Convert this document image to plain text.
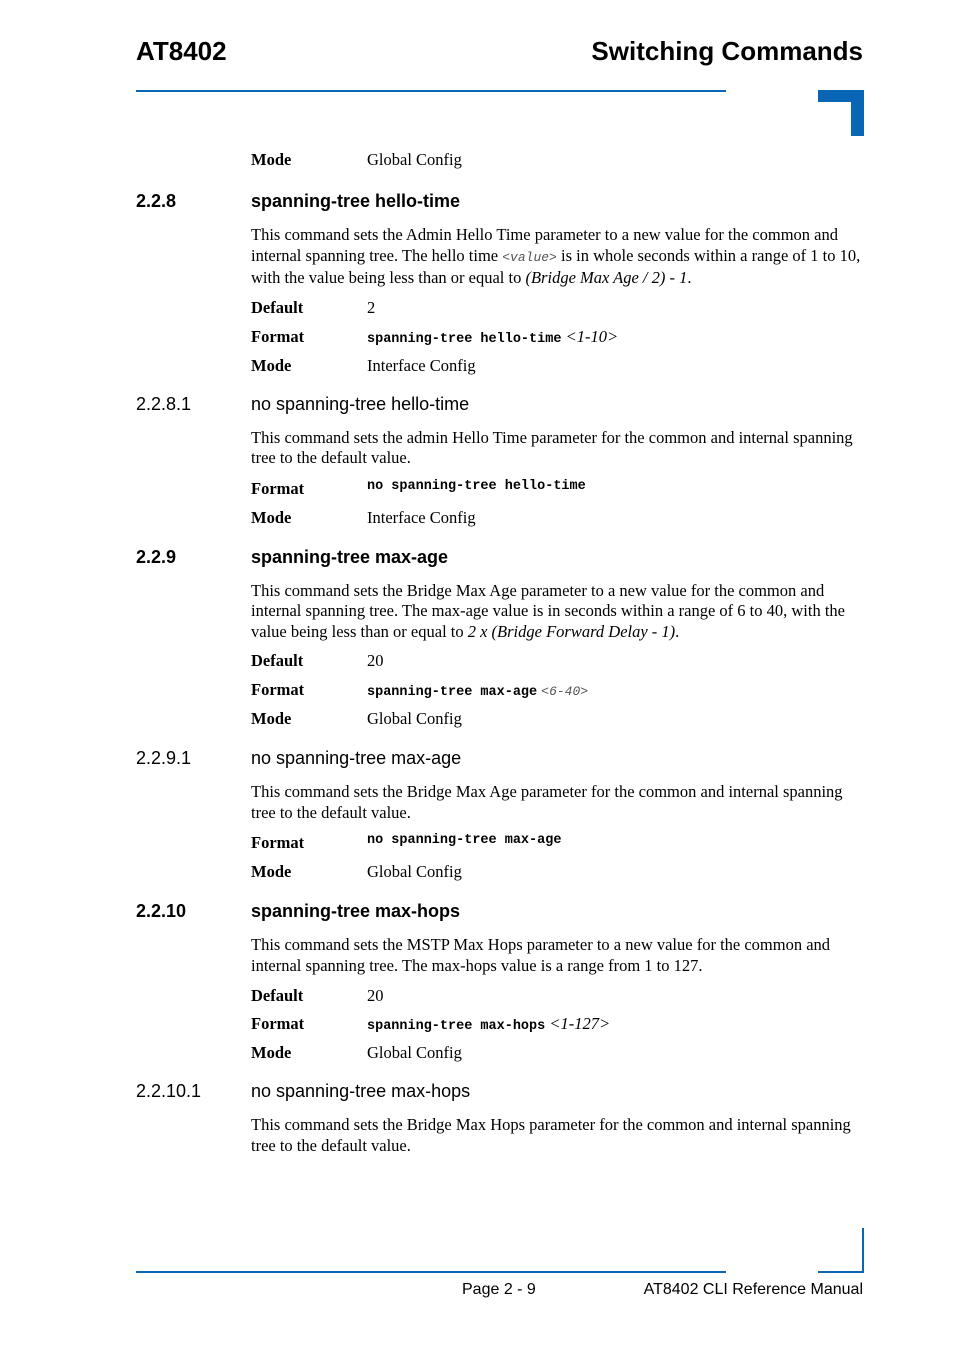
AT8402	Switching Commands
Mode	Global Config
2.2.8	spanning-tree hello-time
This command sets the Admin Hello Time parameter to a new value for the common and internal spanning tree. The hello time <value> is in whole seconds within a range of 1 to 10, with the value being less than or equal to (Bridge Max Age / 2) - 1.
Default	2
Format	spanning-tree hello-time <1-10>
Mode	Interface Config
2.2.8.1	no spanning-tree hello-time
This command sets the admin Hello Time parameter for the common and internal spanning tree to the default value.
Format	no spanning-tree hello-time
Mode	Interface Config
2.2.9	spanning-tree max-age
This command sets the Bridge Max Age parameter to a new value for the common and internal spanning tree. The max-age value is in seconds within a range of 6 to 40, with the value being less than or equal to 2 x (Bridge Forward Delay - 1).
Default	20
Format	spanning-tree max-age <6-40>
Mode	Global Config
2.2.9.1	no spanning-tree max-age
This command sets the Bridge Max Age parameter for the common and internal spanning tree to the default value.
Format	no spanning-tree max-age
Mode	Global Config
2.2.10	spanning-tree max-hops
This command sets the MSTP Max Hops parameter to a new value for the common and internal spanning tree. The max-hops value is a range from 1 to 127.
Default	20
Format	spanning-tree max-hops <1-127>
Mode	Global Config
2.2.10.1	no spanning-tree max-hops
This command sets the Bridge Max Hops parameter for the common and internal spanning tree to the default value.
Page 2 - 9	AT8402 CLI Reference Manual
